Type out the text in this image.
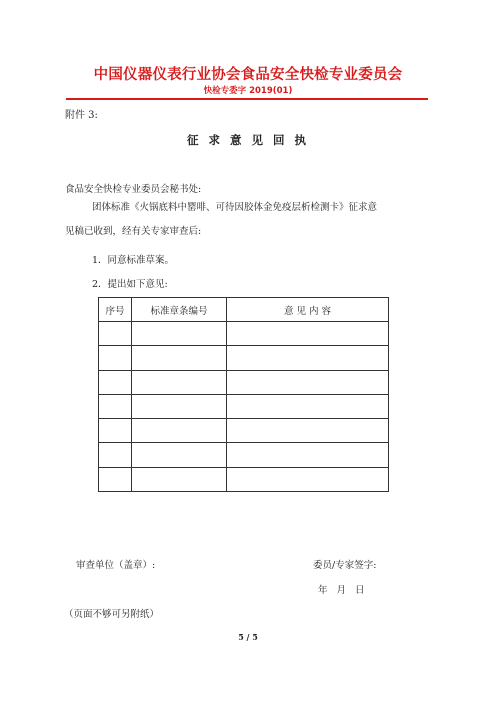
中国仪器仪表行业协会食品安全快检专业委员会
快检专委字 2019(01)
附件 3:
征 求 意 见 回 执
食品安全快检专业委员会秘书处:
团体标准《火锅底料中罂啡、可待因胶体金免疫层析检测卡》征求意
见稿已收到，经有关专家审查后:
1．同意标准草案。
2．提出如下意见:
序号	标准章条编号	意 见 内 容

审查单位（盖章）:	委员/专家签字:
年 月 日
（页面不够可另附纸）
5 / 5
